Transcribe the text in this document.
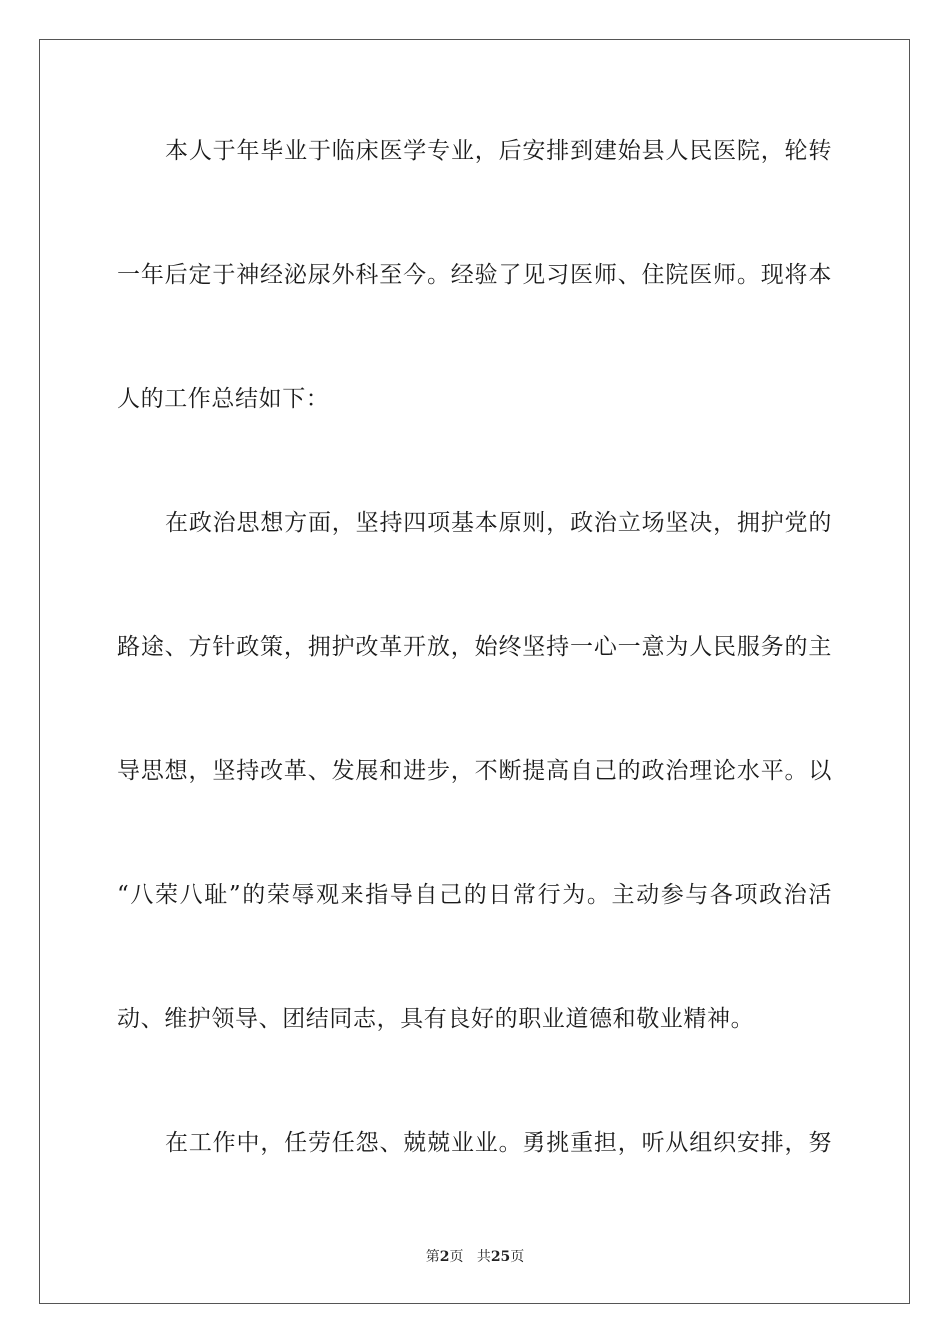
本人于年毕业于临床医学专业，后安排到建始县人民医院，轮转
一年后定于神经泌尿外科至今。经验了见习医师、住院医师。现将本
人的工作总结如下：
在政治思想方面，坚持四项基本原则，政治立场坚决，拥护党的
路途、方针政策，拥护改革开放，始终坚持一心一意为人民服务的主
导思想，坚持改革、发展和进步，不断提高自己的政治理论水平。以
“八荣八耻”的荣辱观来指导自己的日常行为。主动参与各项政治活
动、维护领导、团结同志，具有良好的职业道德和敬业精神。
在工作中，任劳任怨、兢兢业业。勇挑重担，听从组织安排，努
第2页 共25页
